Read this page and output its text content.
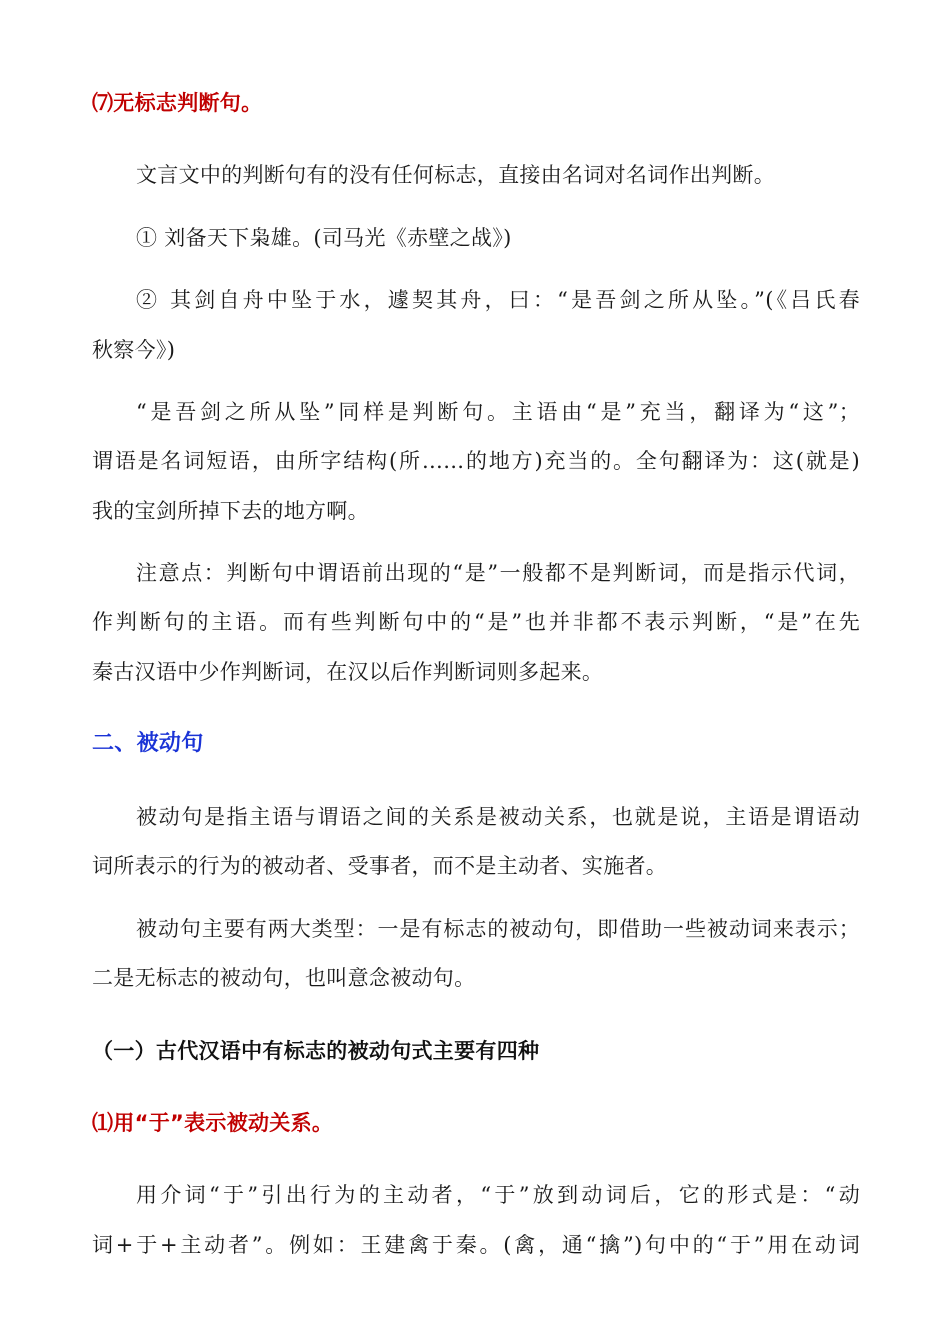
⑺无标志判断句。
文言文中的判断句有的没有任何标志，直接由名词对名词作出判断。
① 刘备天下枭雄。(司马光《赤壁之战》)
② 其剑自舟中坠于水，遽契其舟，曰：“是吾剑之所从坠。”(《吕氏春
秋察今》)
“是吾剑之所从坠”同样是判断句。主语由“是”充当，翻译为“这”；
谓语是名词短语，由所字结构(所……的地方)充当的。全句翻译为：这(就是)
我的宝剑所掉下去的地方啊。
注意点：判断句中谓语前出现的“是”一般都不是判断词，而是指示代词，
作判断句的主语。而有些判断句中的“是”也并非都不表示判断，“是”在先
秦古汉语中少作判断词，在汉以后作判断词则多起来。
二、被动句
被动句是指主语与谓语之间的关系是被动关系，也就是说，主语是谓语动
词所表示的行为的被动者、受事者，而不是主动者、实施者。
被动句主要有两大类型：一是有标志的被动句，即借助一些被动词来表示；
二是无标志的被动句，也叫意念被动句。
（一）古代汉语中有标志的被动句式主要有四种
⑴用“于”表示被动关系。
用介词“于”引出行为的主动者，“于”放到动词后，它的形式是：“动
词+于+主动者”。例如：王建禽于秦。(禽，通“擒”)句中的“于”用在动词
